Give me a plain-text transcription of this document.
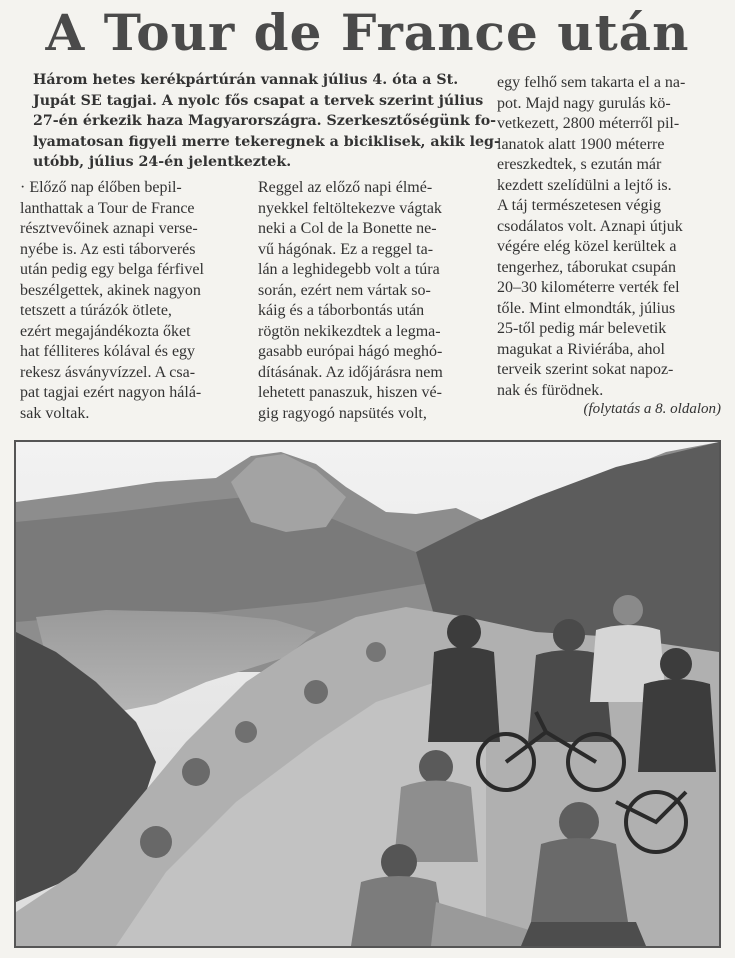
A Tour de France után

Három hetes kerékpártúrán vannak július 4. óta a St.
Jupát SE tagjai. A nyolc fős csapat a tervek szerint július
27-én érkezik haza Magyarországra. Szerkesztőségünk fo-
lyamatosan figyeli merre tekeregnek a biciklisek, akik leg-
utóbb, július 24-én jelentkeztek.

· Előző nap élőben bepil-
lanthattak a Tour de France
résztvevőinek aznapi verse-
nyébe is. Az esti táborverés
után pedig egy belga férfivel
beszélgettek, akinek nagyon
tetszett a túrázók ötlete,
ezért megajándékozta őket
hat félliteres kólával és egy
rekesz ásványvízzel. A csa-
pat tagjai ezért nagyon hálá-
sak voltak.
Reggel az előző napi élmé-
nyekkel feltöltekezve vágtak
neki a Col de la Bonette ne-
vű hágónak. Ez a reggel ta-
lán a leghidegebb volt a túra
során, ezért nem vártak so-
káig és a táborbontás után
rögtön nekikezdtek a legma-
gasabb európai hágó meghó-
dításának. Az időjárásra nem
lehetett panaszuk, hiszen vé-
gig ragyogó napsütés volt,
egy felhő sem takarta el a na-
pot. Majd nagy gurulás kö-
vetkezett, 2800 méterről pil-
lanatok alatt 1900 méterre
ereszkedtek, s ezután már
kezdett szelídülni a lejtő is.
A táj természetesen végig
csodálatos volt. Aznapi útjuk
végére elég közel kerültek a
tengerhez, táborukat csupán
20–30 kilométerre verték fel
tőle. Mint elmondták, július
25-től pedig már belevetik
magukat a Riviérába, ahol
terveik szerint sokat napoz-
nak és fürödnek.

(folytatás a 8. oldalon)
